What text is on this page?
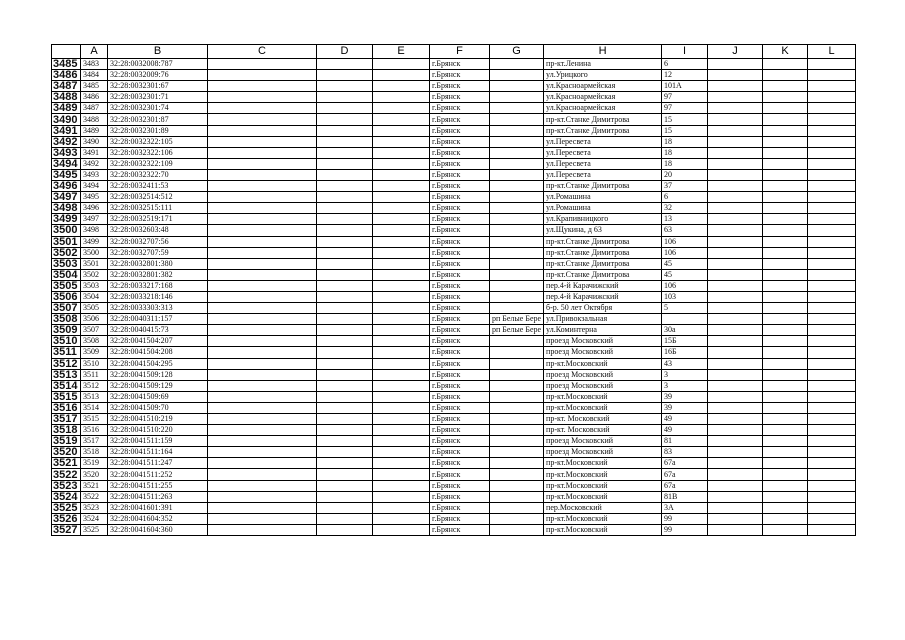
	A	B	C	D	E	F	G	H	I	J	K	L
3485	3483	32:28:0032008:787				г.Брянск		пр-кт.Ленина	6			
3486	3484	32:28:0032009:76				г.Брянск		ул.Урицкого	12			
3487	3485	32:28:0032301:67				г.Брянск		ул.Красноармейская	101А			
3488	3486	32:28:0032301:71				г.Брянск		ул.Красноармейская	97			
3489	3487	32:28:0032301:74				г.Брянск		ул.Красноармейская	97			
3490	3488	32:28:0032301:87				г.Брянск		пр-кт.Станке Димитрова	15			
3491	3489	32:28:0032301:89				г.Брянск		пр-кт.Станке Димитрова	15			
3492	3490	32:28:0032322:105				г.Брянск		ул.Пересвета	18			
3493	3491	32:28:0032322:106				г.Брянск		ул.Пересвета	18			
3494	3492	32:28:0032322:109				г.Брянск		ул.Пересвета	18			
3495	3493	32:28:0032322:70				г.Брянск		ул.Пересвета	20			
3496	3494	32:28:0032411:53				г.Брянск		пр-кт.Станке Димитрова	37			
3497	3495	32:28:0032514:512				г.Брянск		ул.Ромашина	6			
3498	3496	32:28:0032515:111				г.Брянск		ул.Ромашина	32			
3499	3497	32:28:0032519:171				г.Брянск		ул.Крапивницкого	13			
3500	3498	32:28:0032603:48				г.Брянск		ул.Щукина, д 63	63			
3501	3499	32:28:0032707:56				г.Брянск		пр-кт.Станке Димитрова	106			
3502	3500	32:28:0032707:59				г.Брянск		пр-кт.Станке Димитрова	106			
3503	3501	32:28:0032801:380				г.Брянск		пр-кт.Станке Димитрова	45			
3504	3502	32:28:0032801:382				г.Брянск		пр-кт.Станке Димитрова	45			
3505	3503	32:28:0033217:168				г.Брянск		пер.4-й Карачижский	106			
3506	3504	32:28:0033218:146				г.Брянск		пер.4-й Карачижский	103			
3507	3505	32:28:0033303:313				г.Брянск		б-р. 50 лет Октября	5			
3508	3506	32:28:0040311:157				г.Брянск	рп Белые Бере	ул.Привокзальная				
3509	3507	32:28:0040415:73				г.Брянск	рп Белые Бере	ул.Коминтерна	30а			
3510	3508	32:28:0041504:207				г.Брянск		проезд Московский	15Б			
3511	3509	32:28:0041504:208				г.Брянск		проезд Московский	16Б			
3512	3510	32:28:0041504:295				г.Брянск		пр-кт.Московский	43			
3513	3511	32:28:0041509:128				г.Брянск		проезд Московский	3			
3514	3512	32:28:0041509:129				г.Брянск		проезд Московский	3			
3515	3513	32:28:0041509:69				г.Брянск		пр-кт.Московский	39			
3516	3514	32:28:0041509:70				г.Брянск		пр-кт.Московский	39			
3517	3515	32:28:0041510:219				г.Брянск		пр-кт. Московский	49			
3518	3516	32:28:0041510:220				г.Брянск		пр-кт. Московский	49			
3519	3517	32:28:0041511:159				г.Брянск		проезд Московский	81			
3520	3518	32:28:0041511:164				г.Брянск		проезд Московский	83			
3521	3519	32:28:0041511:247				г.Брянск		пр-кт.Московский	67а			
3522	3520	32:28:0041511:252				г.Брянск		пр-кт.Московский	67а			
3523	3521	32:28:0041511:255				г.Брянск		пр-кт.Московский	67а			
3524	3522	32:28:0041511:263				г.Брянск		пр-кт.Московский	81В			
3525	3523	32:28:0041601:391				г.Брянск		пер.Московский	3А			
3526	3524	32:28:0041604:352				г.Брянск		пр-кт.Московский	99			
3527	3525	32:28:0041604:360				г.Брянск		пр-кт.Московский	99			
